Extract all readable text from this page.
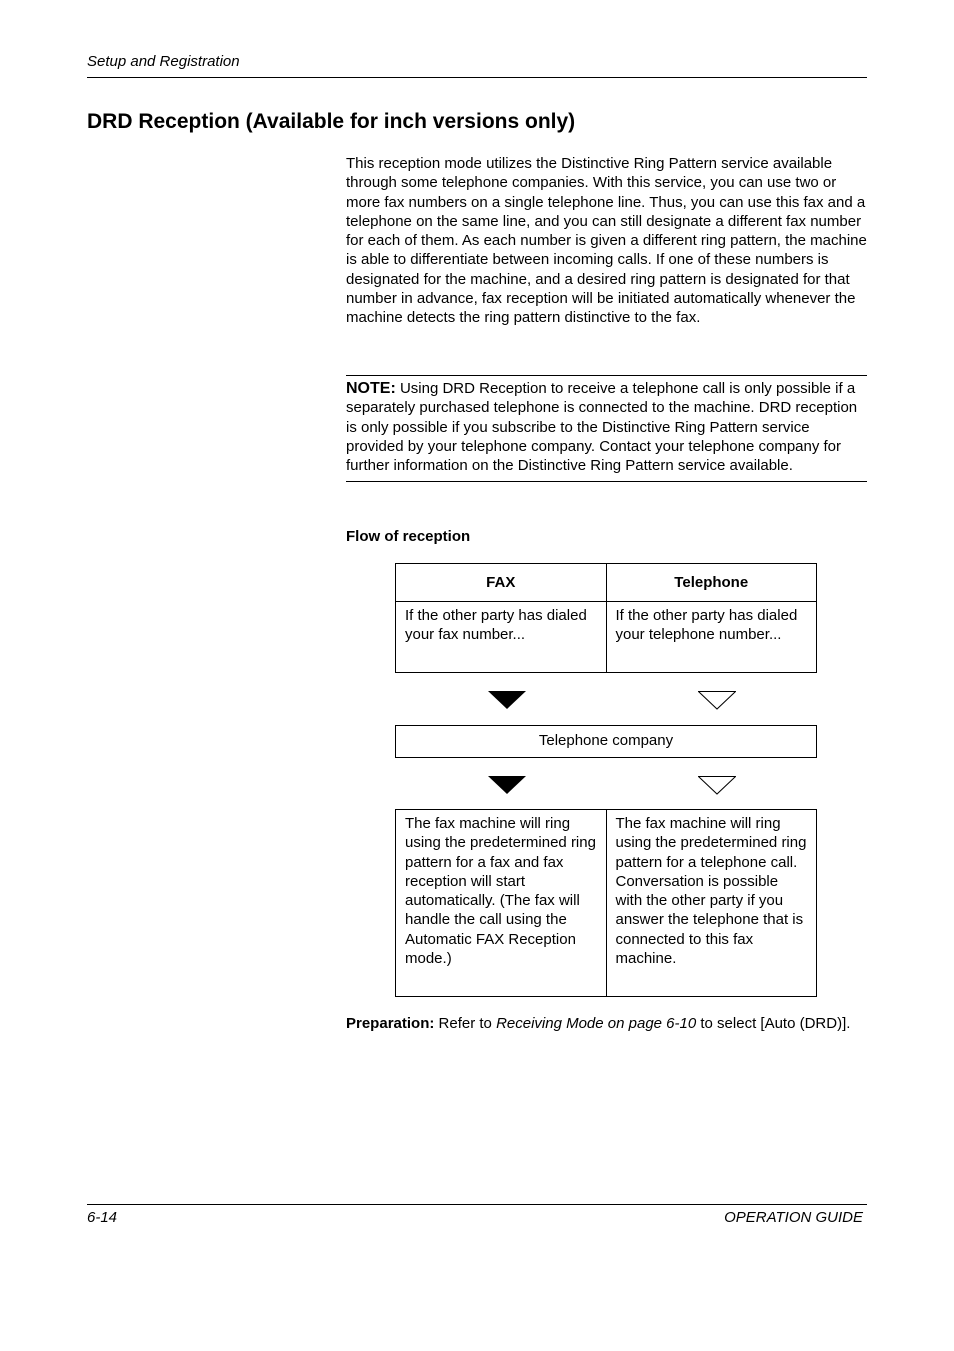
Setup and Registration
DRD Reception (Available for inch versions only)

This reception mode utilizes the Distinctive Ring Pattern service available through some telephone companies. With this service, you can use two or more fax numbers on a single telephone line. Thus, you can use this fax and a telephone on the same line, and you can still designate a different fax number for each of them. As each number is given a different ring pattern, the machine is able to differentiate between incoming calls. If one of these numbers is designated for the machine, and a desired ring pattern is designated for that number in advance, fax reception will be initiated automatically whenever the machine detects the ring pattern distinctive to the fax.

NOTE: Using DRD Reception to receive a telephone call is only possible if a separately purchased telephone is connected to the machine. DRD reception is only possible if you subscribe to the Distinctive Ring Pattern service provided by your telephone company. Contact your telephone company for further information on the Distinctive Ring Pattern service available.

Flow of reception

FAX	Telephone
If the other party has dialed your fax number...	If the other party has dialed your telephone number...
Telephone company
The fax machine will ring using the predetermined ring pattern for a fax and fax reception will start automatically. (The fax will handle the call using the Automatic FAX Reception mode.)	The fax machine will ring using the predetermined ring pattern for a telephone call. Conversation is possible with the other party if you answer the telephone that is connected to this fax machine.

Preparation: Refer to Receiving Mode on page 6-10 to select [Auto (DRD)].

6-14	OPERATION GUIDE
